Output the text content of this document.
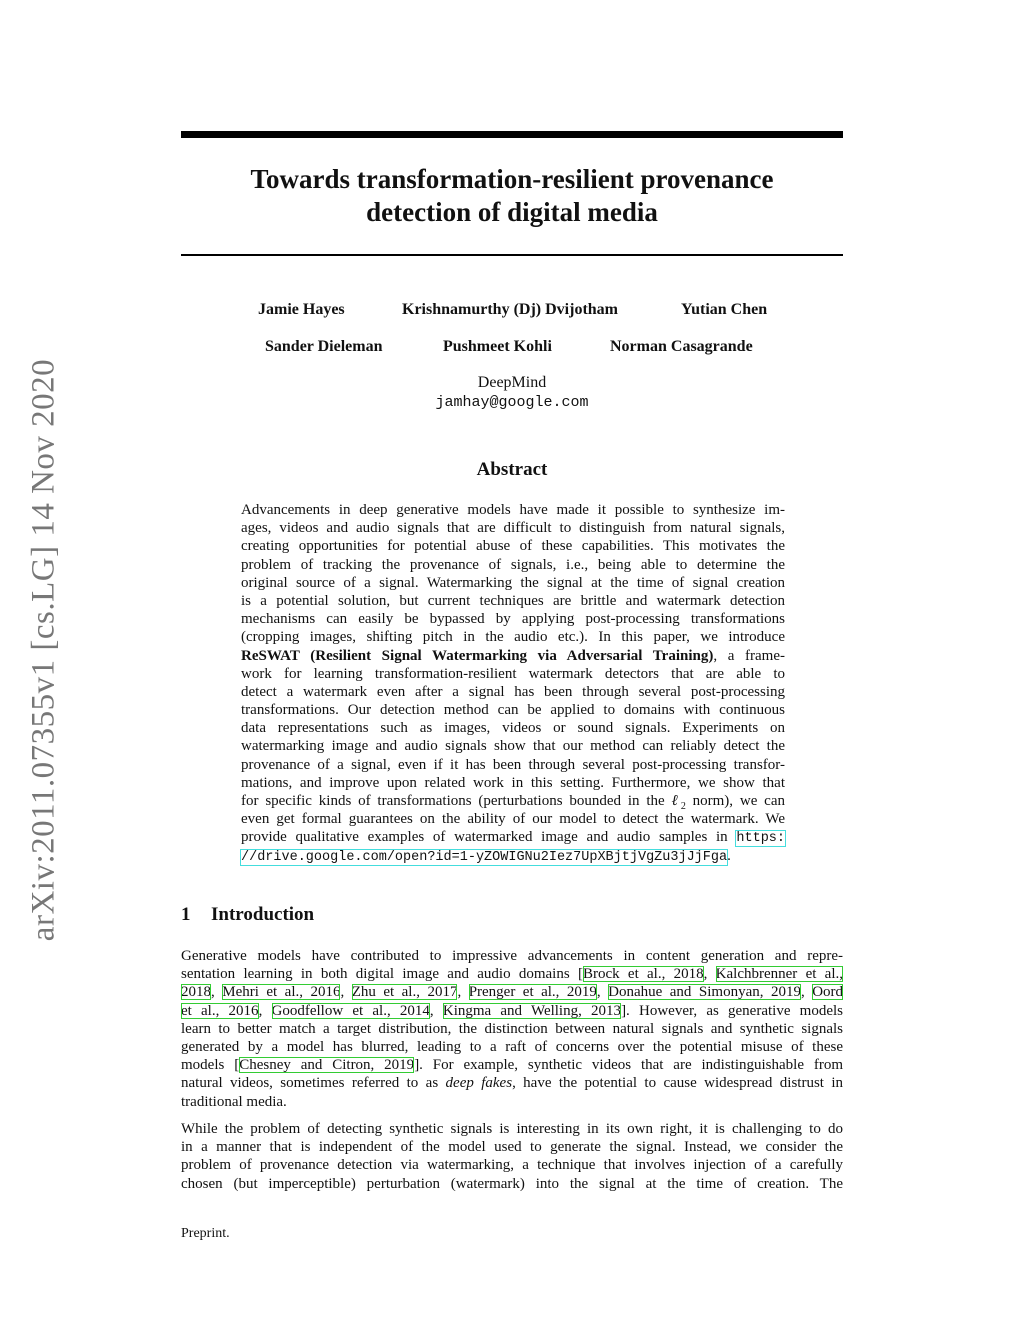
arXiv:2011.07355v1 [cs.LG] 14 Nov 2020
Towards transformation-resilient provenance
detection of digital media
Jamie Hayes	Krishnamurthy (Dj) Dvijotham	Yutian Chen
Sander Dieleman	Pushmeet Kohli	Norman Casagrande
DeepMind
jamhay@google.com
Abstract
Advancements in deep generative models have made it possible to synthesize im-
ages, videos and audio signals that are difficult to distinguish from natural signals,
creating opportunities for potential abuse of these capabilities. This motivates the
problem of tracking the provenance of signals, i.e., being able to determine the
original source of a signal. Watermarking the signal at the time of signal creation
is a potential solution, but current techniques are brittle and watermark detection
mechanisms can easily be bypassed by applying post-processing transformations
(cropping images, shifting pitch in the audio etc.). In this paper, we introduce
ReSWAT (Resilient Signal Watermarking via Adversarial Training), a frame-
work for learning transformation-resilient watermark detectors that are able to
detect a watermark even after a signal has been through several post-processing
transformations. Our detection method can be applied to domains with continuous
data representations such as images, videos or sound signals. Experiments on
watermarking image and audio signals show that our method can reliably detect the
provenance of a signal, even if it has been through several post-processing transfor-
mations, and improve upon related work in this setting. Furthermore, we show that
for specific kinds of transformations (perturbations bounded in the ℓ$_2$ norm), we can
even get formal guarantees on the ability of our model to detect the watermark. We
provide qualitative examples of watermarked image and audio samples in https:
//drive.google.com/open?id=1-yZOWIGNu2Iez7UpXBjtjVgZu3jJjFga.
1 Introduction
Generative models have contributed to impressive advancements in content generation and repre-
sentation learning in both digital image and audio domains [Brock et al., 2018, Kalchbrenner et al.,
2018, Mehri et al., 2016, Zhu et al., 2017, Prenger et al., 2019, Donahue and Simonyan, 2019, Oord
et al., 2016, Goodfellow et al., 2014, Kingma and Welling, 2013]. However, as generative models
learn to better match a target distribution, the distinction between natural signals and synthetic signals
generated by a model has blurred, leading to a raft of concerns over the potential misuse of these
models [Chesney and Citron, 2019]. For example, synthetic videos that are indistinguishable from
natural videos, sometimes referred to as deep fakes, have the potential to cause widespread distrust in
traditional media.
While the problem of detecting synthetic signals is interesting in its own right, it is challenging to do
in a manner that is independent of the model used to generate the signal. Instead, we consider the
problem of provenance detection via watermarking, a technique that involves injection of a carefully
chosen (but imperceptible) perturbation (watermark) into the signal at the time of creation. The
Preprint.
